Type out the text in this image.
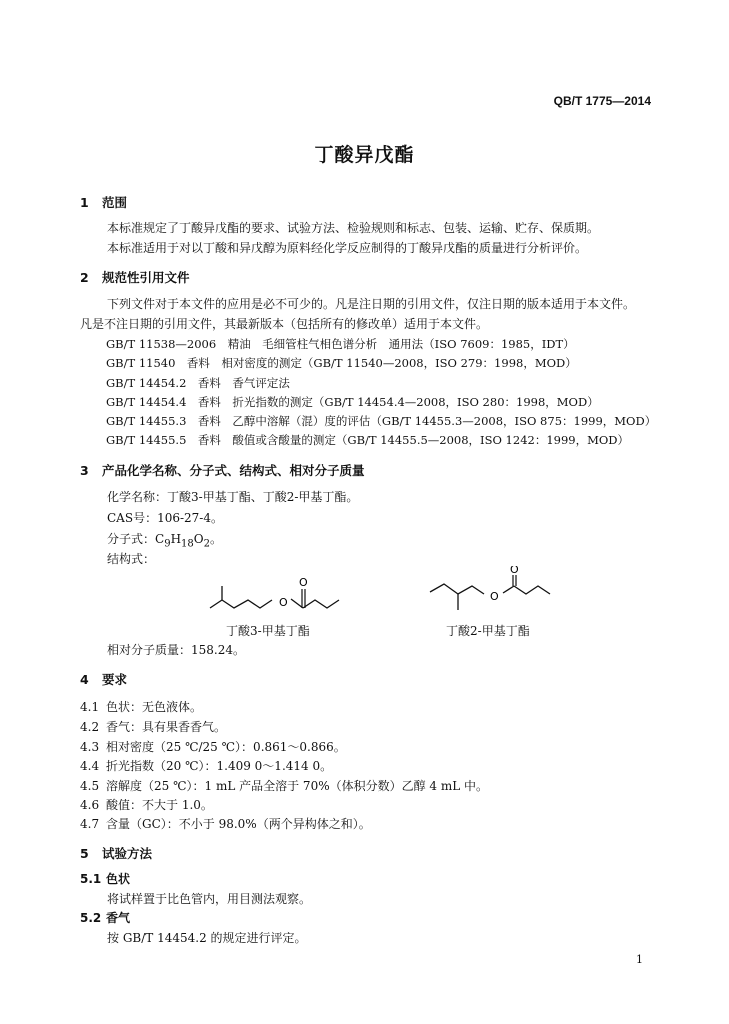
QB/T 1775—2014
丁酸异戊酯
1 范围
本标准规定了丁酸异戊酯的要求、试验方法、检验规则和标志、包装、运输、贮存、保质期。
本标准适用于对以丁酸和异戊醇为原料经化学反应制得的丁酸异戊酯的质量进行分析评价。
2 规范性引用文件
下列文件对于本文件的应用是必不可少的。凡是注日期的引用文件，仅注日期的版本适用于本文件。
凡是不注日期的引用文件，其最新版本（包括所有的修改单）适用于本文件。
GB/T 11538—2006　精油　毛细管柱气相色谱分析　通用法（ISO 7609：1985，IDT）
GB/T 11540　香料　相对密度的测定（GB/T 11540—2008，ISO 279：1998，MOD）
GB/T 14454.2　香料　香气评定法
GB/T 14454.4　香料　折光指数的测定（GB/T 14454.4—2008，ISO 280：1998，MOD）
GB/T 14455.3　香料　乙醇中溶解（混）度的评估（GB/T 14455.3—2008，ISO 875：1999，MOD）
GB/T 14455.5　香料　酸值或含酸量的测定（GB/T 14455.5—2008，ISO 1242：1999，MOD）
3 产品化学名称、分子式、结构式、相对分子质量
化学名称：丁酸3-甲基丁酯、丁酸2-甲基丁酯。
CAS号：106-27-4。
分子式：$C_9H_{18}O_2$。
结构式：
O
O
丁酸3-甲基丁酯
O
O
丁酸2-甲基丁酯
相对分子质量：158.24。
4 要求
4.1 色状：无色液体。
4.2 香气：具有果香香气。
4.3 相对密度（25 ℃/25 ℃）：0.861～0.866。
4.4 折光指数（20 ℃）：1.409 0～1.414 0。
4.5 溶解度（25 ℃）：1 mL 产品全溶于 70%（体积分数）乙醇 4 mL 中。
4.6 酸值：不大于 1.0。
4.7 含量（GC）：不小于 98.0%（两个异构体之和）。
5 试验方法
5.1 色状
将试样置于比色管内，用目测法观察。
5.2 香气
按 GB/T 14454.2 的规定进行评定。
1
